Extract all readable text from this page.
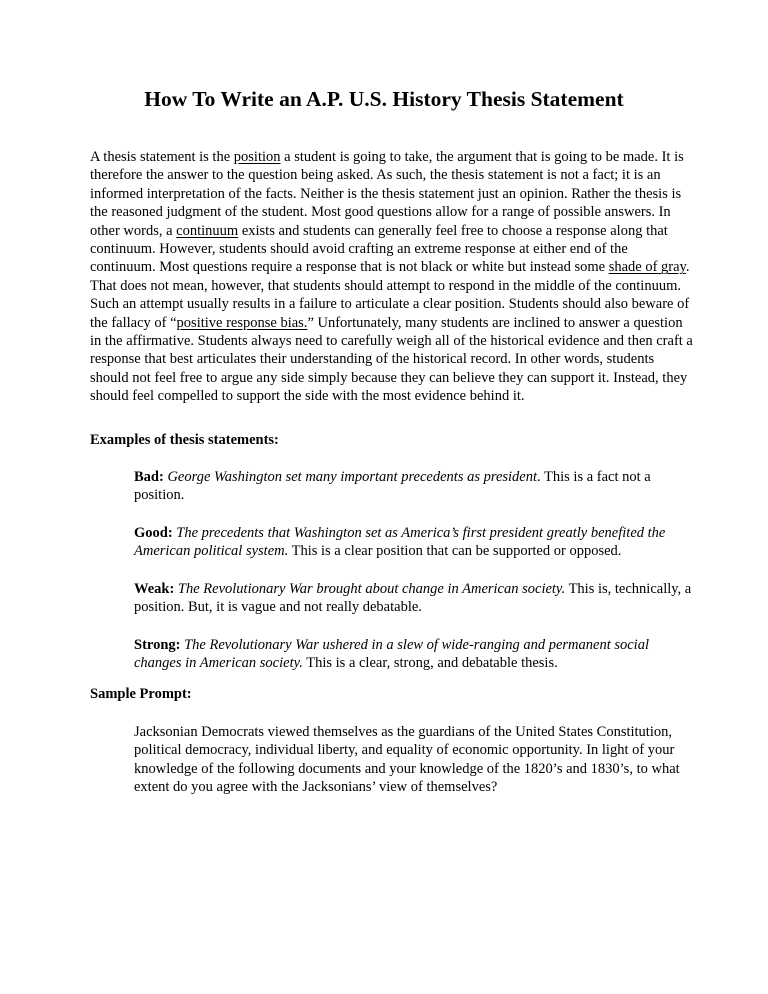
How To Write an A.P. U.S. History Thesis Statement

A thesis statement is the position a student is going to take, the argument that is going to be made. It is therefore the answer to the question being asked. As such, the thesis statement is not a fact; it is an informed interpretation of the facts. Neither is the thesis statement just an opinion. Rather the thesis is the reasoned judgment of the student. Most good questions allow for a range of possible answers. In other words, a continuum exists and students can generally feel free to choose a response along that continuum. However, students should avoid crafting an extreme response at either end of the continuum. Most questions require a response that is not black or white but instead some shade of gray. That does not mean, however, that students should attempt to respond in the middle of the continuum. Such an attempt usually results in a failure to articulate a clear position. Students should also beware of the fallacy of “positive response bias.” Unfortunately, many students are inclined to answer a question in the affirmative. Students always need to carefully weigh all of the historical evidence and then craft a response that best articulates their understanding of the historical record. In other words, students should not feel free to argue any side simply because they can believe they can support it. Instead, they should feel compelled to support the side with the most evidence behind it.

Examples of thesis statements:

Bad: George Washington set many important precedents as president. This is a fact not a position.

Good: The precedents that Washington set as America’s first president greatly benefited the American political system. This is a clear position that can be supported or opposed.

Weak: The Revolutionary War brought about change in American society. This is, technically, a position. But, it is vague and not really debatable.

Strong: The Revolutionary War ushered in a slew of wide-ranging and permanent social changes in American society. This is a clear, strong, and debatable thesis.

Sample Prompt:

Jacksonian Democrats viewed themselves as the guardians of the United States Constitution, political democracy, individual liberty, and equality of economic opportunity. In light of your knowledge of the following documents and your knowledge of the 1820’s and 1830’s, to what extent do you agree with the Jacksonians’ view of themselves?
